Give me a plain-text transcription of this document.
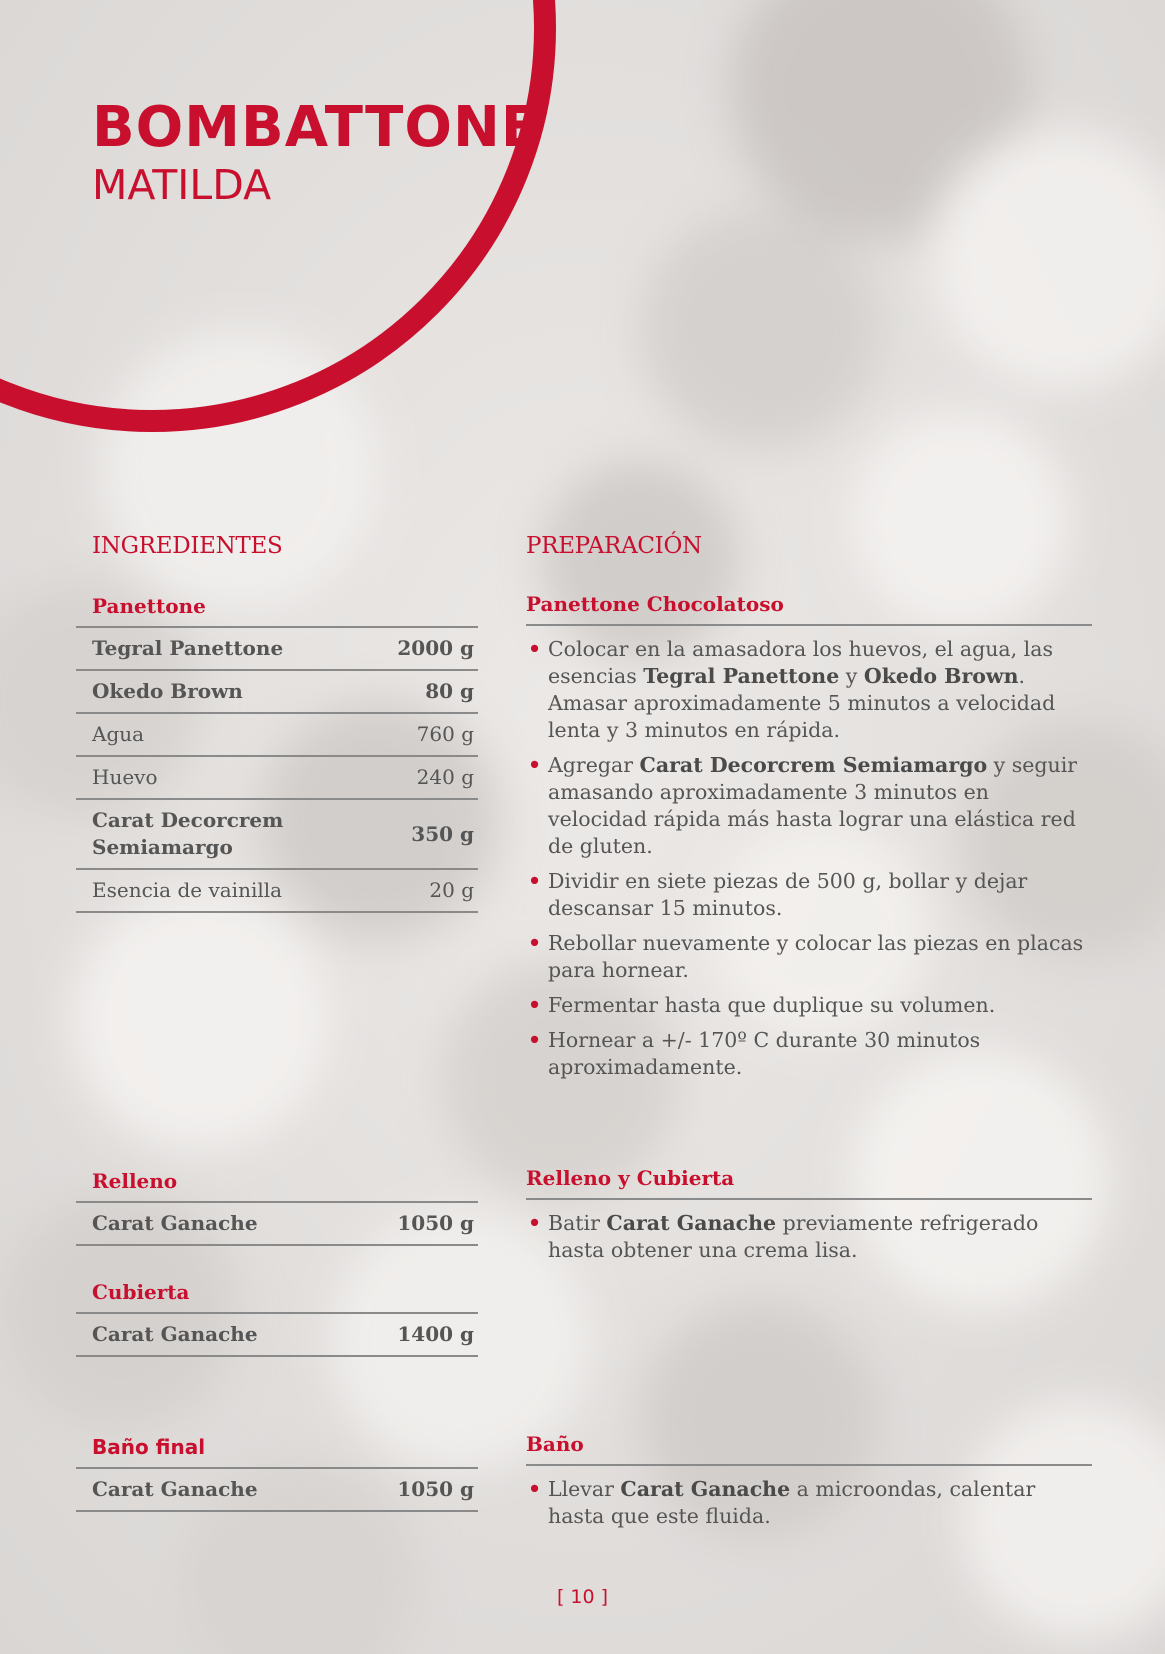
BOMBATTONE
MATILDA
INGREDIENTES	PREPARACIÓN
Panettone
Tegral Panettone	2000 g
Okedo Brown	80 g
Agua	760 g
Huevo	240 g
Carat Decorcrem Semiamargo
350 g
Esencia de vainilla	20 g
Relleno
Carat Ganache	1050 g
Cubierta
Carat Ganache	1400 g
Baño final
Carat Ganache	1050 g
Panettone Chocolatoso
• Colocar en la amasadora los huevos, el agua, las esencias Tegral Panettone y Okedo Brown. Amasar aproximadamente 5 minutos a velocidad lenta y 3 minutos en rápida.
• Agregar Carat Decorcrem Semiamargo y seguir amasando aproximadamente 3 minutos en velocidad rápida más hasta lograr una elástica red de gluten.
• Dividir en siete piezas de 500 g, bollar y dejar descansar 15 minutos.
• Rebollar nuevamente y colocar las piezas en placas para hornear.
• Fermentar hasta que duplique su volumen.
• Hornear a +/- 170º C durante 30 minutos aproximadamente.
Relleno y Cubierta
• Batir Carat Ganache previamente refrigerado hasta obtener una crema lisa.
Baño
• Llevar Carat Ganache a microondas, calentar hasta que este fluida.
[ 10 ]
